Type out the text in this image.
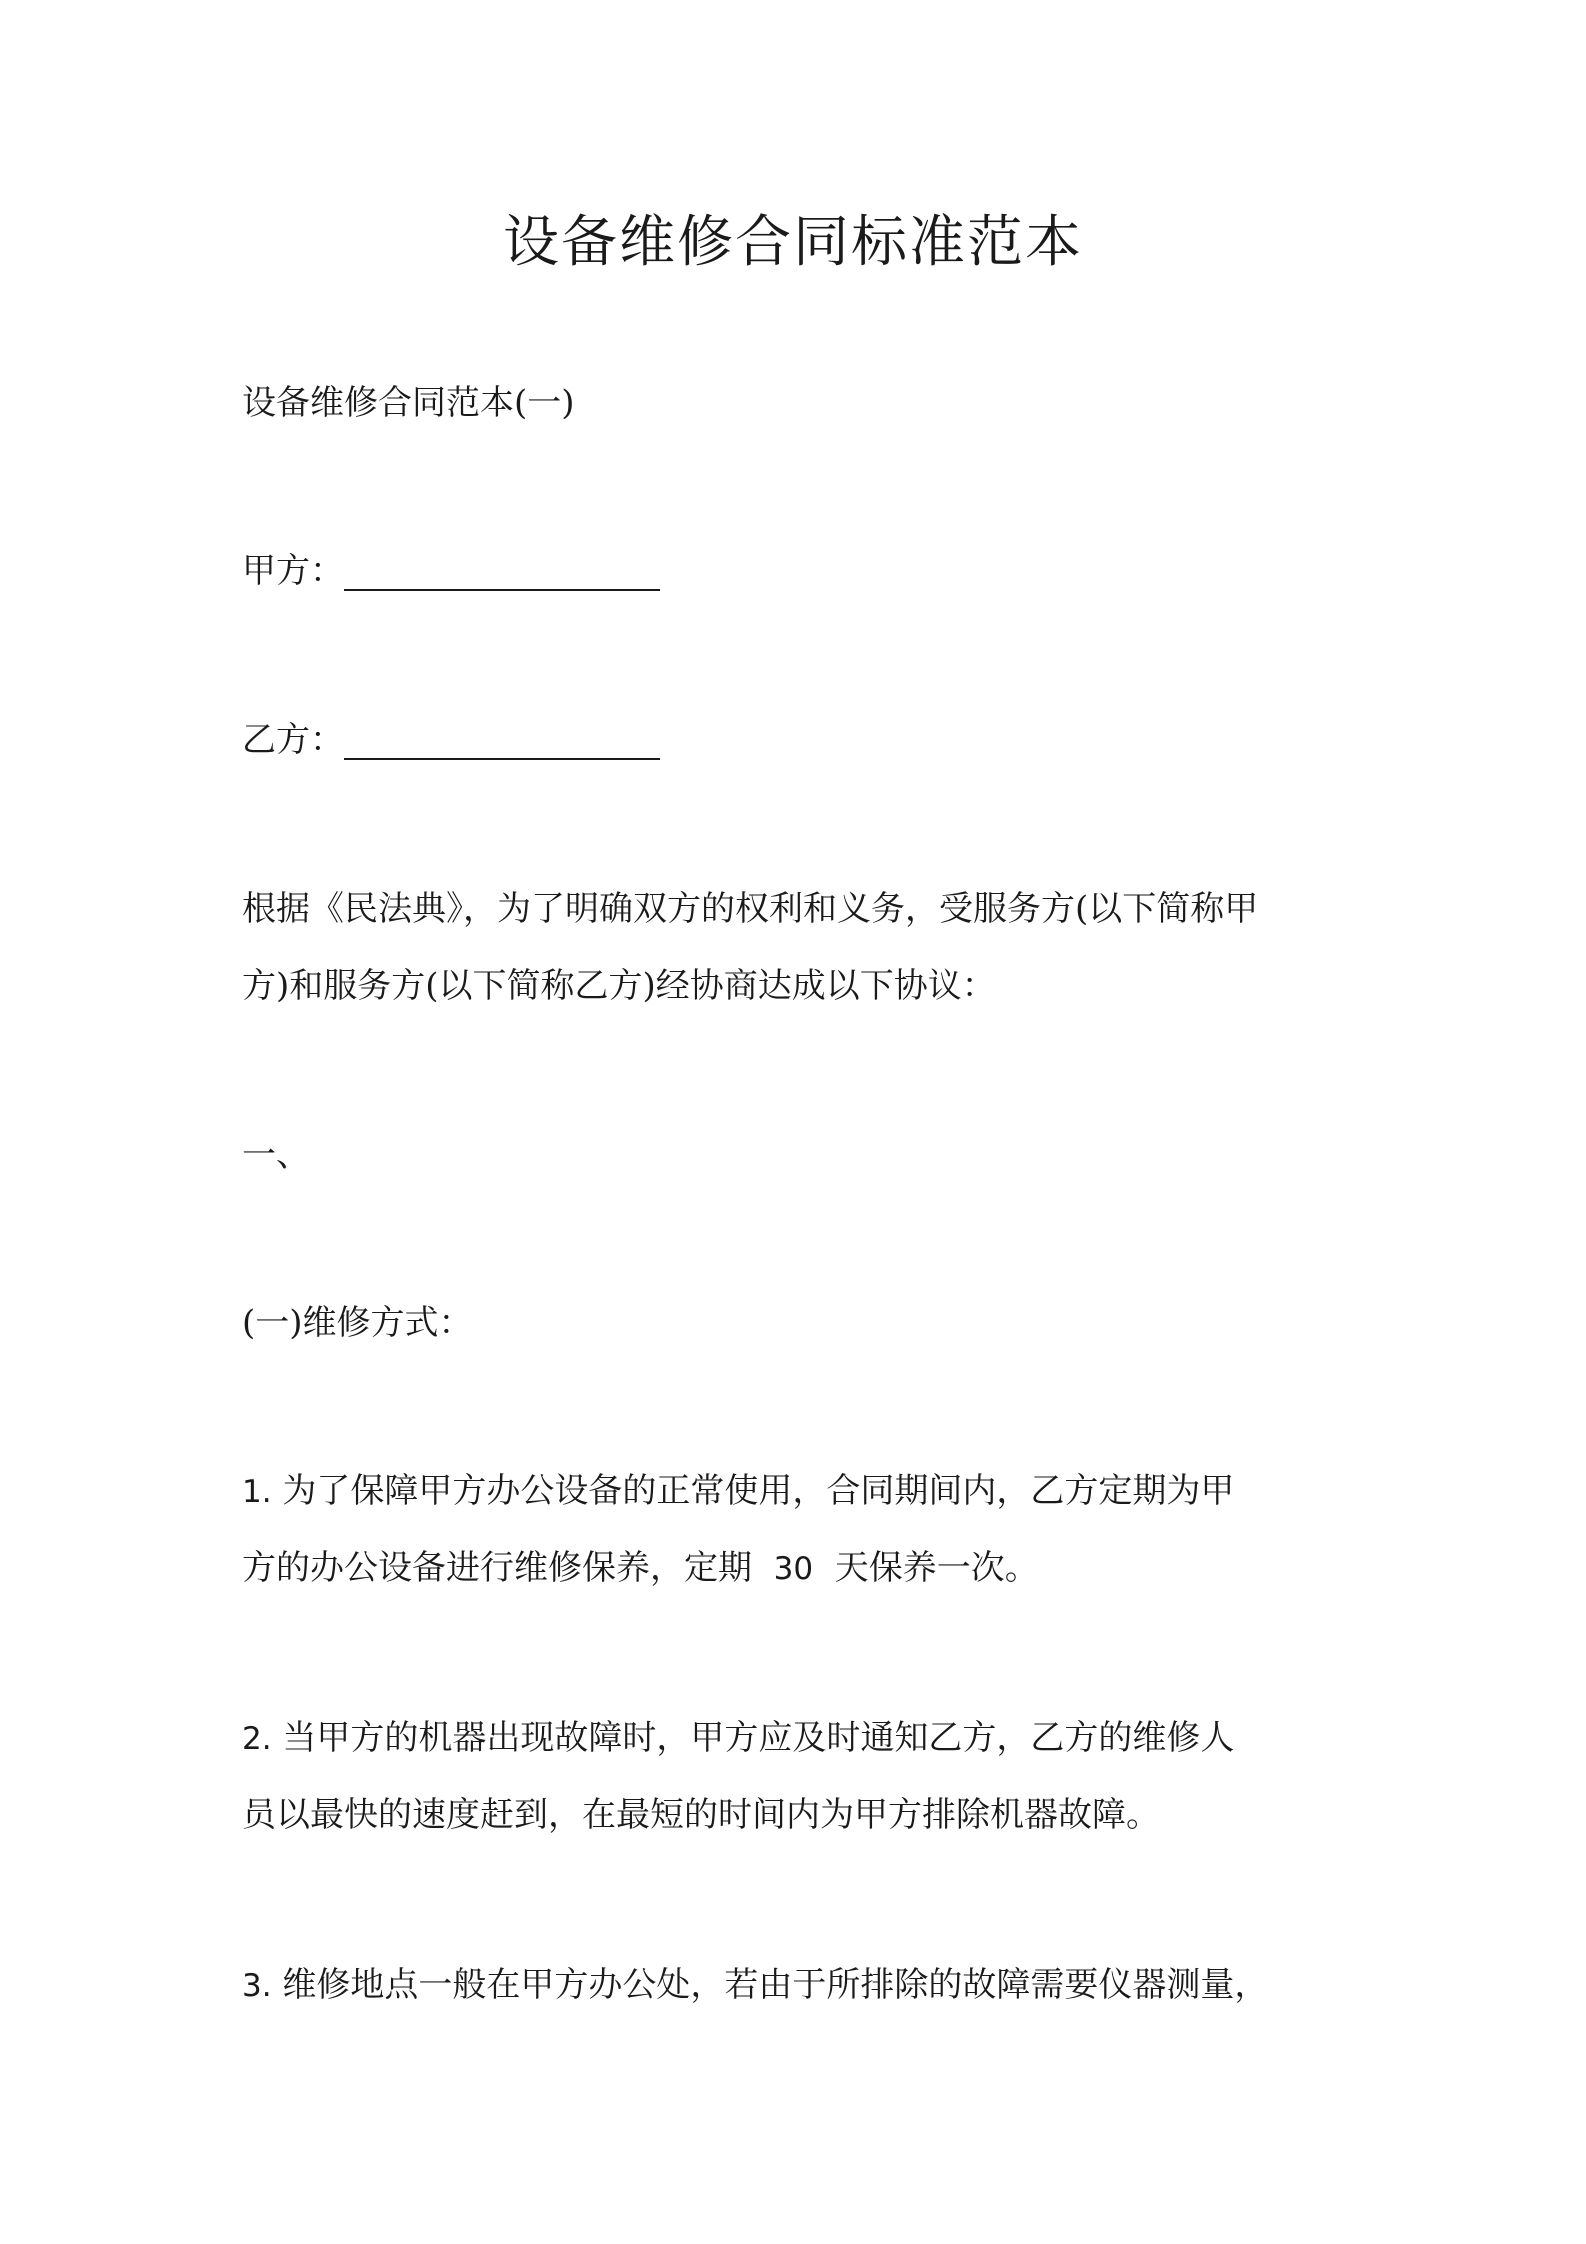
设备维修合同标准范本

设备维修合同范本(一)

甲方：

乙方：

根据《民法典》，为了明确双方的权利和义务，受服务方(以下简称甲

方)和服务方(以下简称乙方)经协商达成以下协议：

一、

(一)维修方式：

1. 为了保障甲方办公设备的正常使用，合同期间内，乙方定期为甲

方的办公设备进行维修保养，定期 30 天保养一次。

2. 当甲方的机器出现故障时，甲方应及时通知乙方，乙方的维修人

员以最快的速度赶到，在最短的时间内为甲方排除机器故障。

3. 维修地点一般在甲方办公处，若由于所排除的故障需要仪器测量，
